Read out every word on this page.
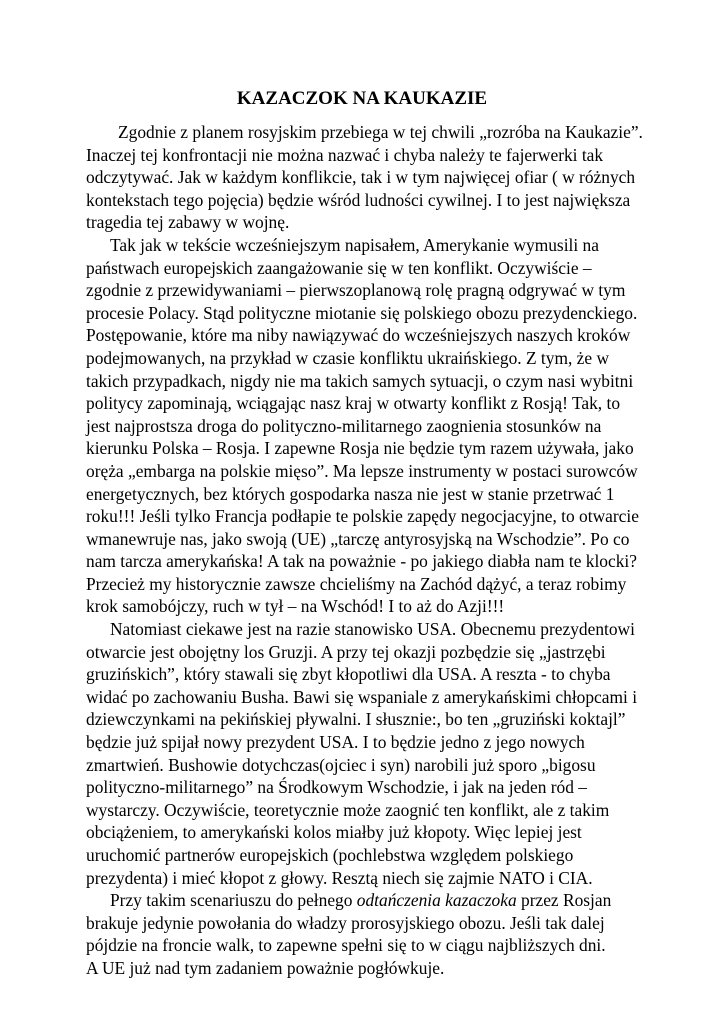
KAZACZOK NA KAUKAZIE
Zgodnie z planem rosyjskim przebiega w tej chwili „rozróba na Kaukazie”.
Inaczej tej konfrontacji nie można nazwać i chyba należy te fajerwerki tak
odczytywać. Jak w każdym konflikcie, tak i w tym najwięcej ofiar ( w różnych
kontekstach tego pojęcia) będzie wśród ludności cywilnej. I to jest największa
tragedia tej zabawy w wojnę.
Tak jak w tekście wcześniejszym napisałem, Amerykanie wymusili na
państwach europejskich zaangażowanie się w ten konflikt. Oczywiście –
zgodnie z przewidywaniami – pierwszoplanową rolę pragną odgrywać w tym
procesie Polacy. Stąd polityczne miotanie się polskiego obozu prezydenckiego.
Postępowanie, które ma niby nawiązywać do wcześniejszych naszych kroków
podejmowanych, na przykład w czasie konfliktu ukraińskiego. Z tym, że w
takich przypadkach, nigdy nie ma takich samych sytuacji, o czym nasi wybitni
politycy zapominają, wciągając nasz kraj w otwarty konflikt z Rosją! Tak, to
jest najprostsza droga do polityczno-militarnego zaognienia stosunków na
kierunku Polska – Rosja. I zapewne Rosja nie będzie tym razem używała, jako
oręża „embarga na polskie mięso”. Ma lepsze instrumenty w postaci surowców
energetycznych, bez których gospodarka nasza nie jest w stanie przetrwać 1
roku!!! Jeśli tylko Francja podłapie te polskie zapędy negocjacyjne, to otwarcie
wmanewruje nas, jako swoją (UE) „tarczę antyrosyjską na Wschodzie”. Po co
nam tarcza amerykańska! A tak na poważnie - po jakiego diabła nam te klocki?
Przecież my historycznie zawsze chcieliśmy na Zachód dążyć, a teraz robimy
krok samobójczy, ruch w tył – na Wschód! I to aż do Azji!!!
Natomiast ciekawe jest na razie stanowisko USA. Obecnemu prezydentowi
otwarcie jest obojętny los Gruzji. A przy tej okazji pozbędzie się „jastrzębi
gruzińskich”, który stawali się zbyt kłopotliwi dla USA. A reszta - to chyba
widać po zachowaniu Busha. Bawi się wspaniale z amerykańskimi chłopcami i
dziewczynkami na pekińskiej pływalni. I słusznie:, bo ten „gruziński koktajl”
będzie już spijał nowy prezydent USA. I to będzie jedno z jego nowych
zmartwień. Bushowie dotychczas(ojciec i syn) narobili już sporo „bigosu
polityczno-militarnego” na Środkowym Wschodzie, i jak na jeden ród –
wystarczy. Oczywiście, teoretycznie może zaognić ten konflikt, ale z takim
obciążeniem, to amerykański kolos miałby już kłopoty. Więc lepiej jest
uruchomić partnerów europejskich (pochlebstwa względem polskiego
prezydenta) i mieć kłopot z głowy. Resztą niech się zajmie NATO i CIA.
Przy takim scenariuszu do pełnego odtańczenia kazaczoka przez Rosjan
brakuje jedynie powołania do władzy prorosyjskiego obozu. Jeśli tak dalej
pójdzie na froncie walk, to zapewne spełni się to w ciągu najbliższych dni.
A UE już nad tym zadaniem poważnie pogłówkuje.
